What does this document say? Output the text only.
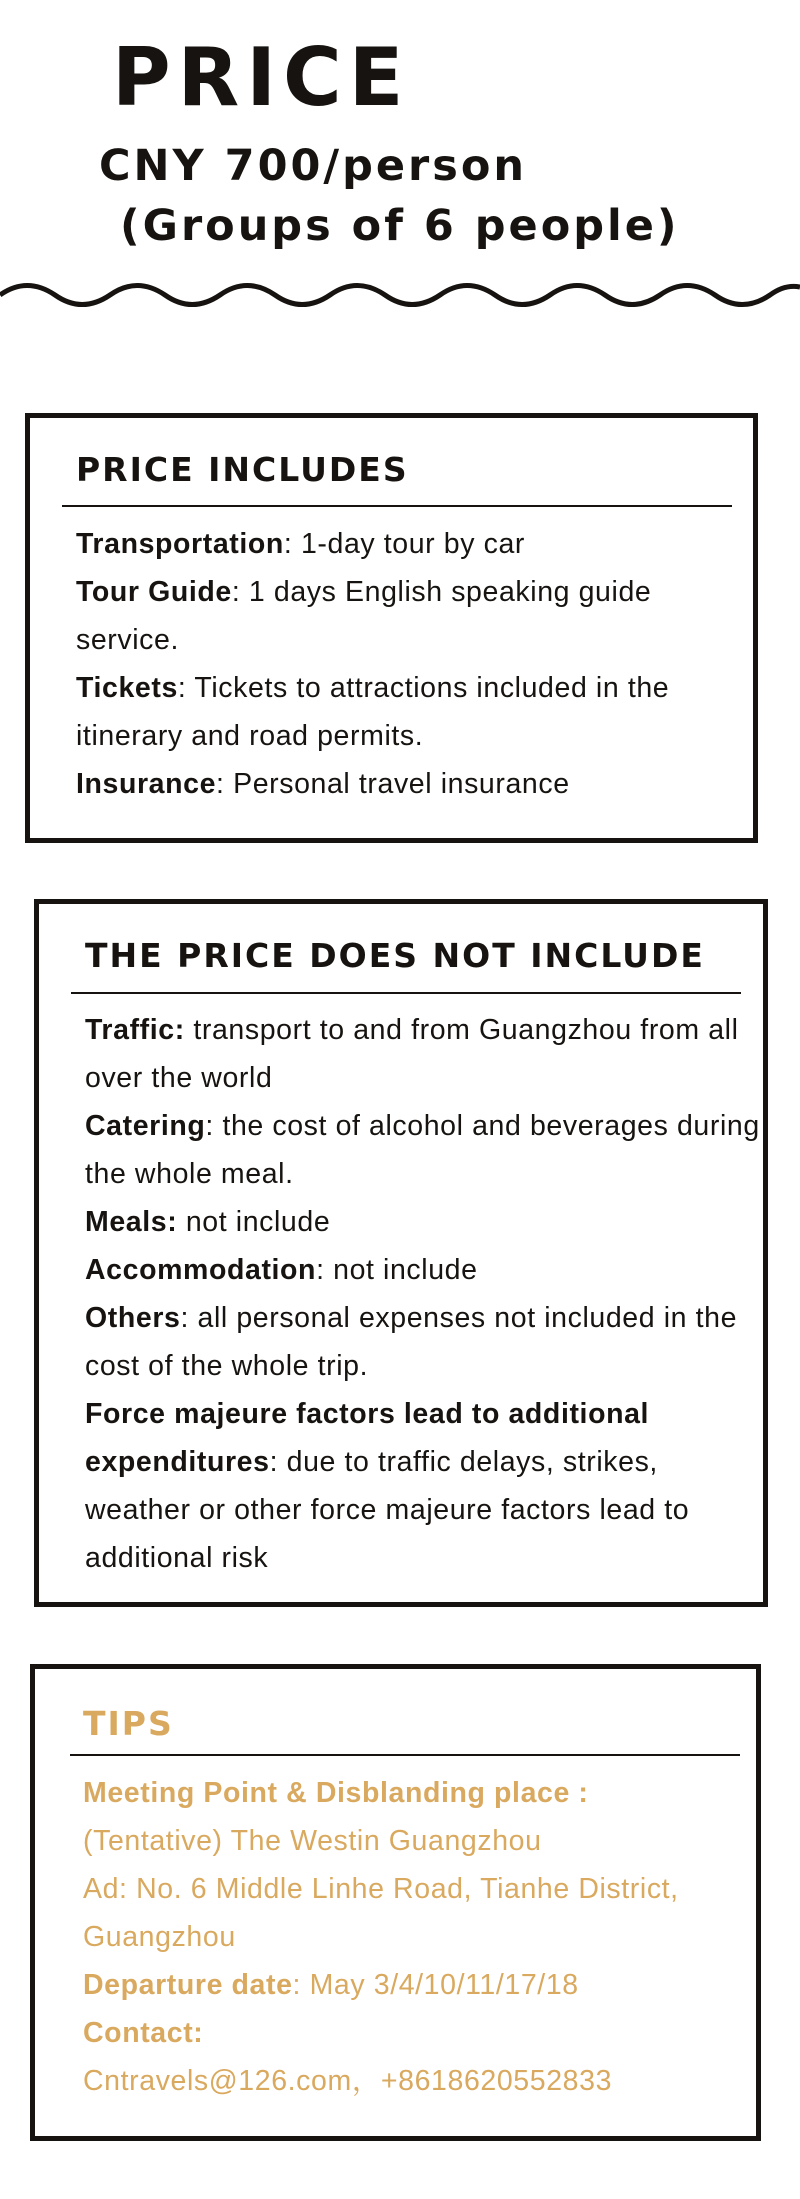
PRICE
CNY 700/person
(Groups of 6 people)
PRICE INCLUDES

Transportation: 1-day tour by car

Tour Guide: 1 days English speaking guide service.

Tickets: Tickets to attractions included in the itinerary and road permits.

Insurance: Personal travel insurance

THE PRICE DOES NOT INCLUDE

Traffic: transport to and from Guangzhou from all over the world

Catering: the cost of alcohol and beverages during the whole meal.

Meals: not include

Accommodation: not include

Others: all personal expenses not included in the cost of the whole trip.

Force majeure factors lead to additional expenditures: due to traffic delays, strikes, weather or other force majeure factors lead to additional risk

TIPS

Meeting Point & Disblanding place :

(Tentative) The Westin Guangzhou

Ad: No. 6 Middle Linhe Road, Tianhe District, Guangzhou

Departure date: May 3/4/10/11/17/18

Contact:

Cntravels@126.com，+8618620552833
